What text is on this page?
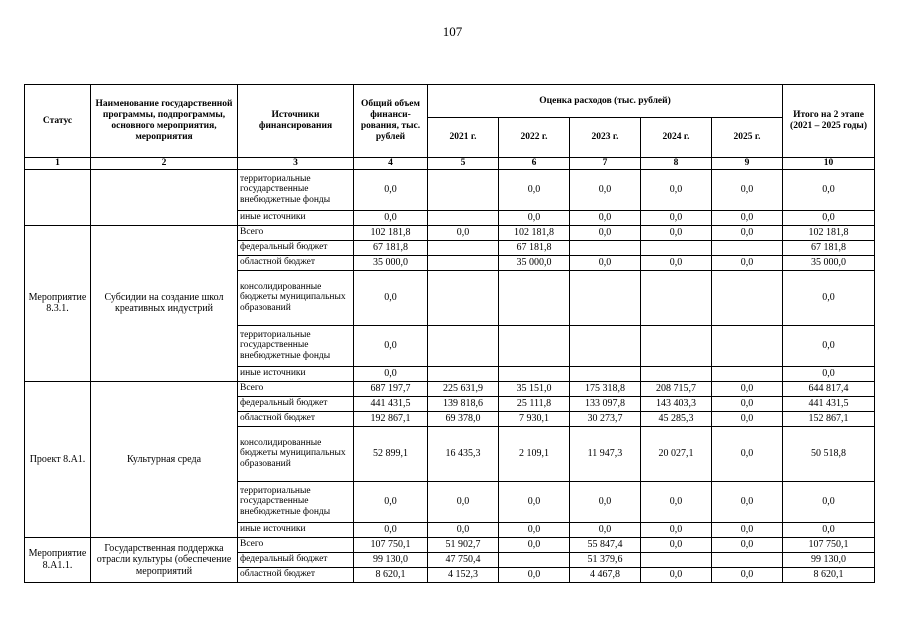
107
Статус	Наименование государственной программы, подпрограммы, основного мероприятия, мероприятия	Источники финансирования	Общий объем финанси-рования, тыс. рублей	Оценка расходов (тыс. рублей)					Итого на 2 этапе (2021 – 2025 годы)
				2021 г.	2022 г.	2023 г.	2024 г.	2025 г.	
1	2	3	4	5	6	7	8	9	10
		территориальные государственные внебюджетные фонды	0,0		0,0	0,0	0,0	0,0	0,0
		иные источники	0,0		0,0	0,0	0,0	0,0	0,0
Мероприятие 8.3.1.	Субсидии на создание школ креативных индустрий	Всего	102 181,8	0,0	102 181,8	0,0	0,0	0,0	102 181,8
		федеральный бюджет	67 181,8		67 181,8				67 181,8
		областной бюджет	35 000,0		35 000,0	0,0	0,0	0,0	35 000,0
		консолидированные бюджеты муниципальных образований	0,0						0,0
		территориальные государственные внебюджетные фонды	0,0						0,0
		иные источники	0,0						0,0
Проект 8.А1.	Культурная среда	Всего	687 197,7	225 631,9	35 151,0	175 318,8	208 715,7	0,0	644 817,4
		федеральный бюджет	441 431,5	139 818,6	25 111,8	133 097,8	143 403,3	0,0	441 431,5
		областной бюджет	192 867,1	69 378,0	7 930,1	30 273,7	45 285,3	0,0	152 867,1
		консолидированные бюджеты муниципальных образований	52 899,1	16 435,3	2 109,1	11 947,3	20 027,1	0,0	50 518,8
		территориальные государственные внебюджетные фонды	0,0	0,0	0,0	0,0	0,0	0,0	0,0
		иные источники	0,0	0,0	0,0	0,0	0,0	0,0	0,0
Мероприятие 8.А1.1.	Государственная поддержка отрасли культуры (обеспечение мероприятий	Всего	107 750,1	51 902,7	0,0	55 847,4	0,0	0,0	107 750,1
		федеральный бюджет	99 130,0	47 750,4		51 379,6			99 130,0
		областной бюджет	8 620,1	4 152,3	0,0	4 467,8	0,0	0,0	8 620,1
